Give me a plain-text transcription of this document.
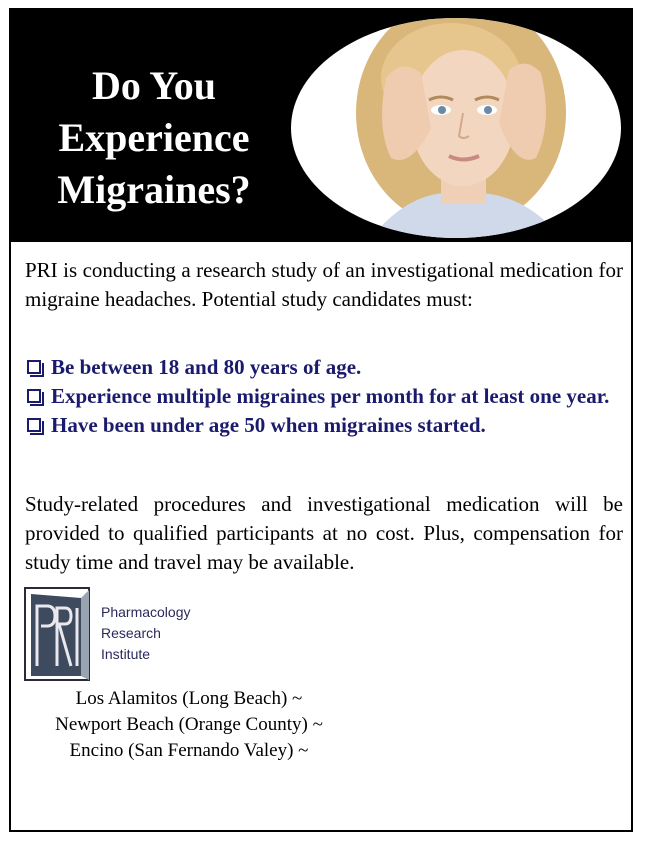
Do You
Experience
Migraines?
PRI is conducting a research study of an investigational medication for migraine headaches. Potential study candidates must:
Be between 18 and 80 years of age.
Experience multiple migraines per month for at least one year.
Have been under age 50 when migraines started.
Study-related procedures and investigational medication will be provided to qualified participants at no cost. Plus, compensation for study time and travel may be available.
Pharmacology
Research
Institute
Los Alamitos (Long Beach) ~
Newport Beach (Orange County) ~
Encino (San Fernando Valey) ~
